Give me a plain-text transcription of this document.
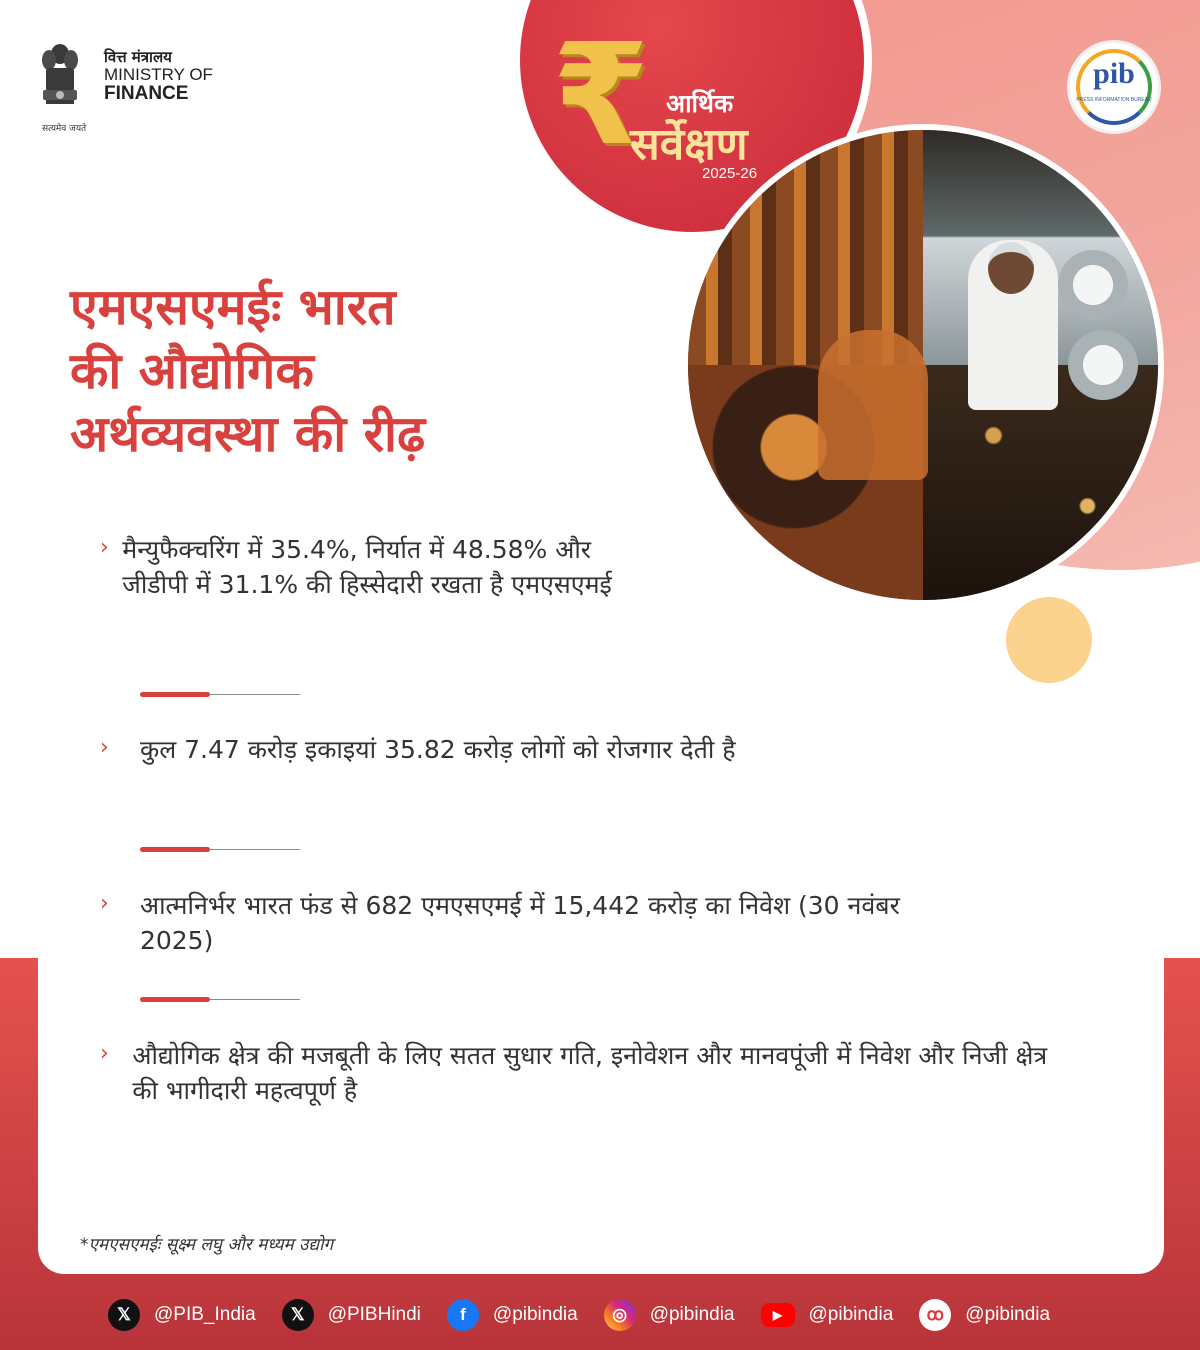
वित्त मंत्रालय
MINISTRY OF
FINANCE
सत्यमेव जयते	₹ आर्थिक
सर्वेक्षण
2025-26
pib
PRESS INFORMATION BUREAU
एमएसएमईः भारत
की औद्योगिक
अर्थव्यवस्था की रीढ़
› मैन्युफैक्चरिंग में 35.4%, निर्यात में 48.58% और जीडीपी में 31.1% की हिस्सेदारी रखता है एमएसएमई
›	कुल 7.47 करोड़ इकाइयां 35.82 करोड़ लोगों को रोजगार देती है
›	आत्मनिर्भर भारत फंड से 682 एमएसएमई में 15,442 करोड़ का निवेश (30 नवंबर 2025)
› औद्योगिक क्षेत्र की मजबूती के लिए सतत सुधार गति, इनोवेशन और मानवपूंजी में निवेश और निजी क्षेत्र की भागीदारी महत्वपूर्ण है
*एमएसएमईः सूक्ष्म लघु और मध्यम उद्योग
𝕏	@PIB_India	𝕏	@PIBHindi	f	@pibindia	◎	@pibindia	▶	@pibindia	ꝏ	@pibindia
